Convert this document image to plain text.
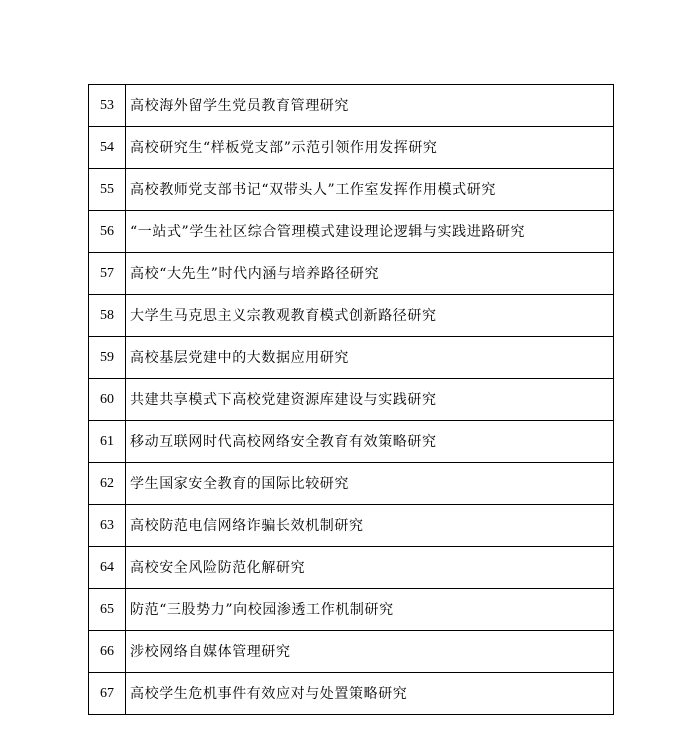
53	高校海外留学生党员教育管理研究
54	高校研究生“样板党支部”示范引领作用发挥研究
55	高校教师党支部书记“双带头人”工作室发挥作用模式研究
56	“一站式”学生社区综合管理模式建设理论逻辑与实践进路研究
57	高校“大先生”时代内涵与培养路径研究
58	大学生马克思主义宗教观教育模式创新路径研究
59	高校基层党建中的大数据应用研究
60	共建共享模式下高校党建资源库建设与实践研究
61	移动互联网时代高校网络安全教育有效策略研究
62	学生国家安全教育的国际比较研究
63	高校防范电信网络诈骗长效机制研究
64	高校安全风险防范化解研究
65	防范“三股势力”向校园渗透工作机制研究
66	涉校网络自媒体管理研究
67	高校学生危机事件有效应对与处置策略研究
